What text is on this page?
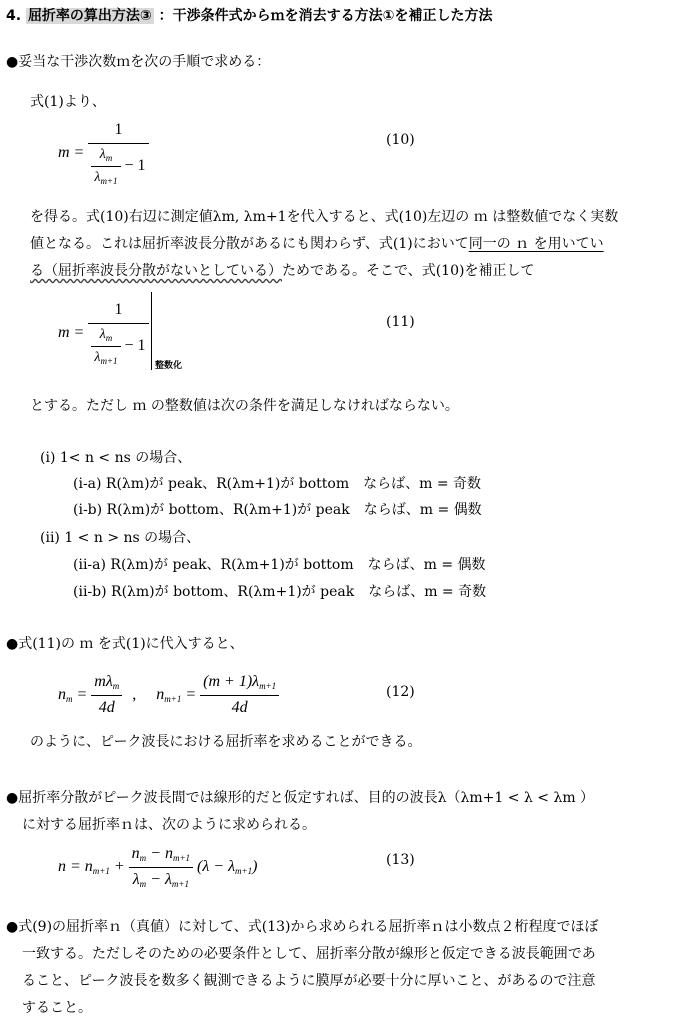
4. 屈折率の算出方法③ ：干渉条件式からｍを消去する方法①を補正した方法
●妥当な干渉次数ｍを次の手順で求める：
式(1)より、
$m = \frac{1}{\frac{\lambda_m}{\lambda_{m+1}} - 1}$	(10)
を得る。式(10)右辺に測定値λm, λm+1を代入すると、式(10)左辺の ｍ は整数値でなく実数
値となる。これは屈折率波長分散があるにも関わらず、式(1)において同一の ｎ を用いてい
る（屈折率波長分散がないとしている）ためである。そこで、式(10)を補正して
$m = \frac{1}{\frac{\lambda_m}{\lambda_{m+1}} - 1}$ 整数化
(11)
とする。ただし ｍ の整数値は次の条件を満足しなければならない。
(i) 1< n < ns の場合、
(i-a) R(λm)が peak、R(λm+1)が bottom　ならば、m = 奇数
(i-b) R(λm)が bottom、R(λm+1)が peak　ならば、m = 偶数
(ii) 1 < n > ns の場合、
(ii-a) R(λm)が peak、R(λm+1)が bottom　ならば、m = 偶数
(ii-b) R(λm)が bottom、R(λm+1)が peak　ならば、m = 奇数
●式(11)の ｍ を式(1)に代入すると、
$n_m = \frac{m\lambda_m}{4d}$ , $n_{m+1} = \frac{(m + 1)\lambda_{m+1}}{4d}$	(12)
のように、ピーク波長における屈折率を求めることができる。
●屈折率分散がピーク波長間では線形的だと仮定すれば、目的の波長λ（λm+1 < λ < λm ）
に対する屈折率ｎは、次のように求められる。
$n = n_{m+1} + \frac{n_m - n_{m+1}}{\lambda_m - \lambda_{m+1}} (\lambda - \lambda_{m+1})$	(13)
●式(9)の屈折率ｎ（真値）に対して、式(13)から求められる屈折率ｎは小数点２桁程度でほぼ
一致する。ただしそのための必要条件として、屈折率分散が線形と仮定できる波長範囲であ
ること、ピーク波長を数多く観測できるように膜厚が必要十分に厚いこと、があるので注意
すること。
